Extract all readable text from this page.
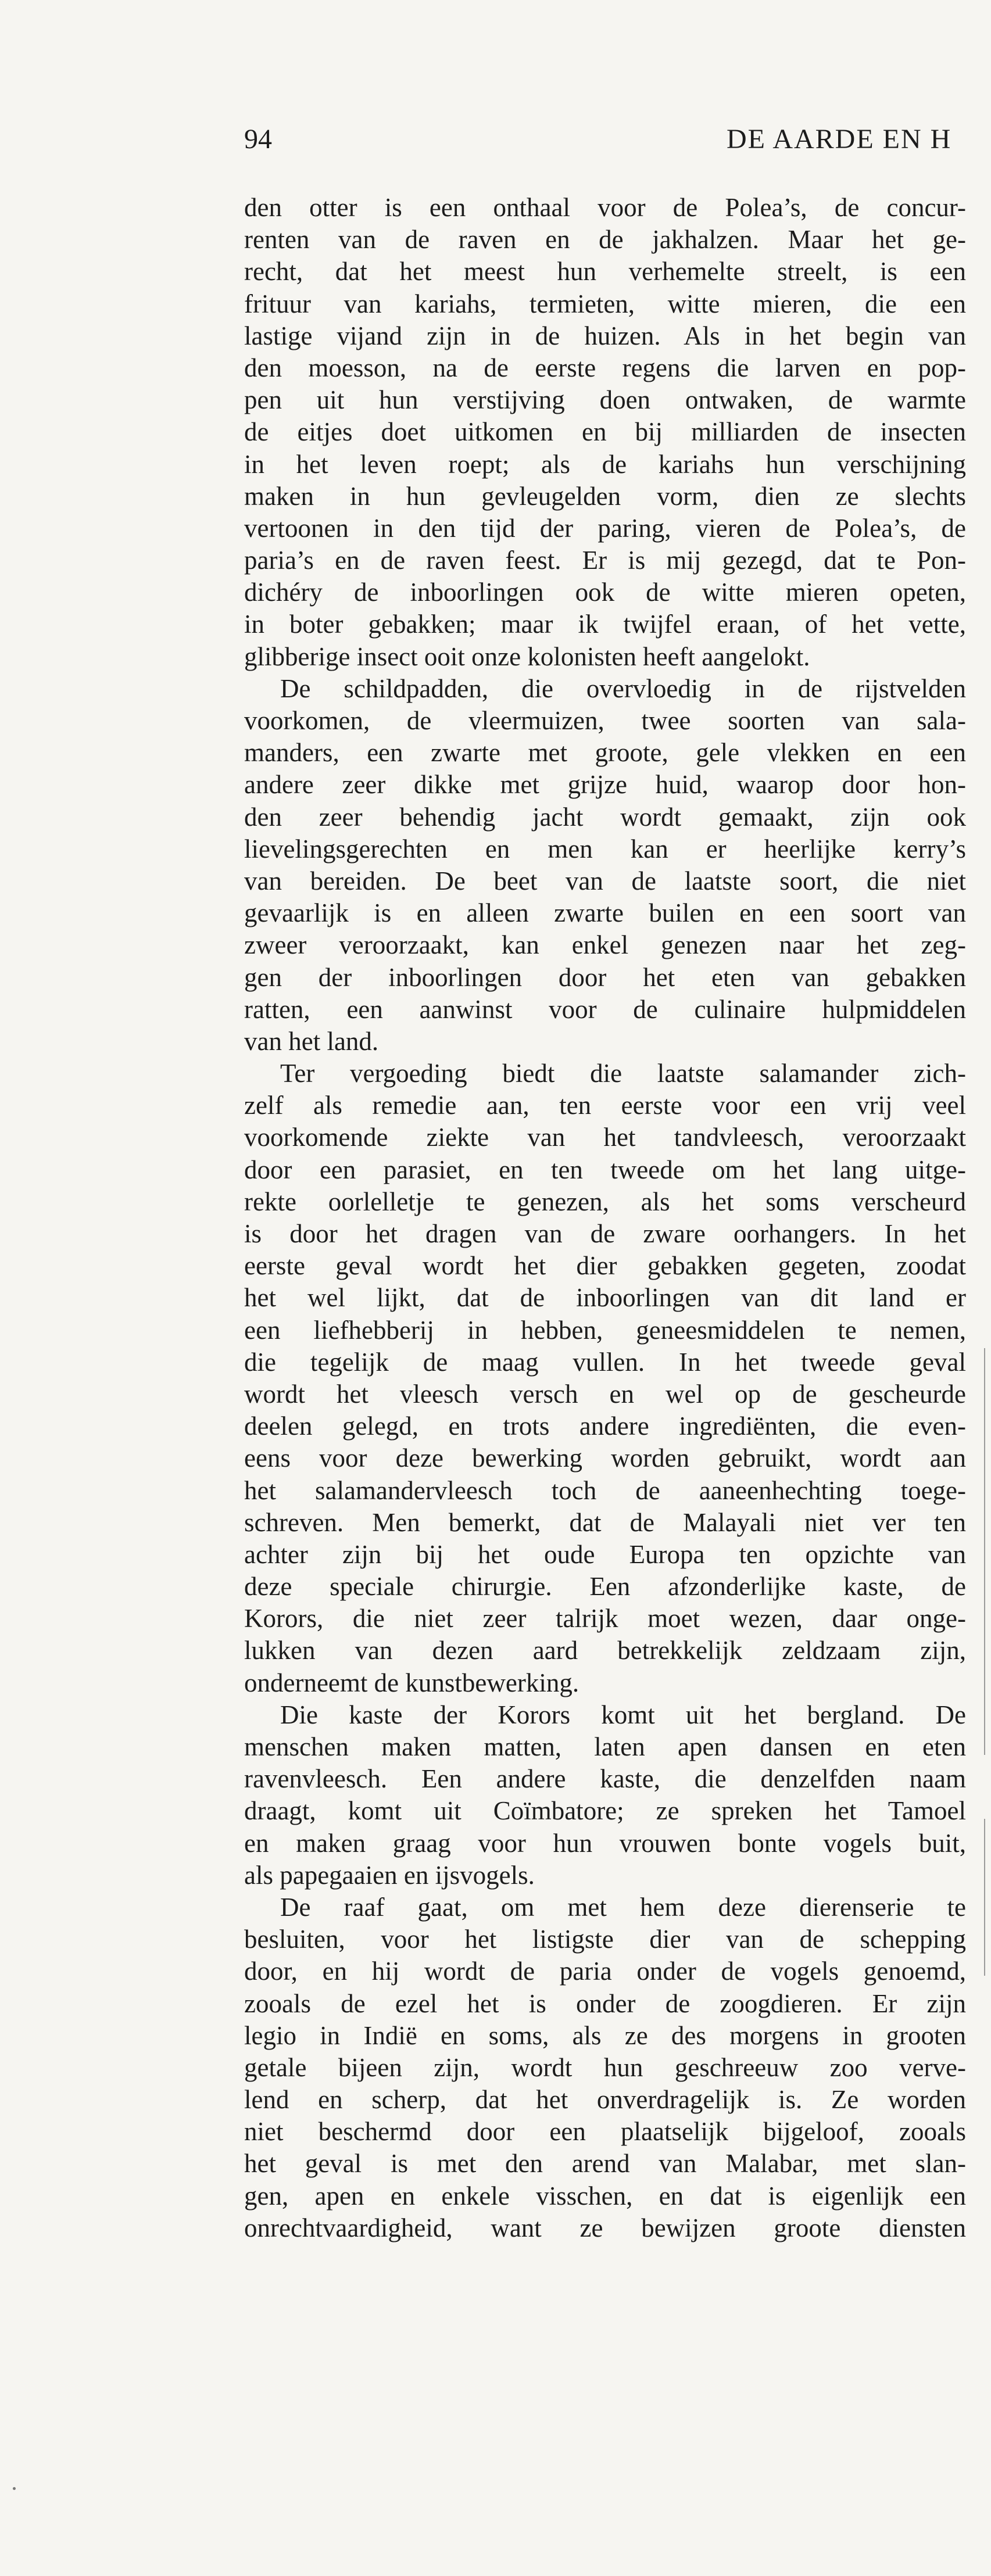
94	DE AARDE EN H
den otter is een onthaal voor de Polea’s, de concur-
renten van de raven en de jakhalzen. Maar het ge-
recht, dat het meest hun verhemelte streelt, is een
frituur van kariahs, termieten, witte mieren, die een
lastige vijand zijn in de huizen. Als in het begin van
den moesson, na de eerste regens die larven en pop-
pen uit hun verstijving doen ontwaken, de warmte
de eitjes doet uitkomen en bij milliarden de insecten
in het leven roept; als de kariahs hun verschijning
maken in hun gevleugelden vorm, dien ze slechts
vertoonen in den tijd der paring, vieren de Polea’s, de
paria’s en de raven feest. Er is mij gezegd, dat te Pon-
dichéry de inboorlingen ook de witte mieren opeten,
in boter gebakken; maar ik twijfel eraan, of het vette,
glibberige insect ooit onze kolonisten heeft aangelokt.
De schildpadden, die overvloedig in de rijstvelden
voorkomen, de vleermuizen, twee soorten van sala-
manders, een zwarte met groote, gele vlekken en een
andere zeer dikke met grijze huid, waarop door hon-
den zeer behendig jacht wordt gemaakt, zijn ook
lievelingsgerechten en men kan er heerlijke kerry’s
van bereiden. De beet van de laatste soort, die niet
gevaarlijk is en alleen zwarte builen en een soort van
zweer veroorzaakt, kan enkel genezen naar het zeg-
gen der inboorlingen door het eten van gebakken
ratten, een aanwinst voor de culinaire hulpmiddelen
van het land.
Ter vergoeding biedt die laatste salamander zich-
zelf als remedie aan, ten eerste voor een vrij veel
voorkomende ziekte van het tandvleesch, veroorzaakt
door een parasiet, en ten tweede om het lang uitge-
rekte oorlelletje te genezen, als het soms verscheurd
is door het dragen van de zware oorhangers. In het
eerste geval wordt het dier gebakken gegeten, zoodat
het wel lijkt, dat de inboorlingen van dit land er
een liefhebberij in hebben, geneesmiddelen te nemen,
die tegelijk de maag vullen. In het tweede geval
wordt het vleesch versch en wel op de gescheurde
deelen gelegd, en trots andere ingrediënten, die even-
eens voor deze bewerking worden gebruikt, wordt aan
het salamandervleesch toch de aaneenhechting toege-
schreven. Men bemerkt, dat de Malayali niet ver ten
achter zijn bij het oude Europa ten opzichte van
deze speciale chirurgie. Een afzonderlijke kaste, de
Korors, die niet zeer talrijk moet wezen, daar onge-
lukken van dezen aard betrekkelijk zeldzaam zijn,
onderneemt de kunstbewerking.
Die kaste der Korors komt uit het bergland. De
menschen maken matten, laten apen dansen en eten
ravenvleesch. Een andere kaste, die denzelfden naam
draagt, komt uit Coïmbatore; ze spreken het Tamoel
en maken graag voor hun vrouwen bonte vogels buit,
als papegaaien en ijsvogels.
De raaf gaat, om met hem deze dierenserie te
besluiten, voor het listigste dier van de schepping
door, en hij wordt de paria onder de vogels genoemd,
zooals de ezel het is onder de zoogdieren. Er zijn
legio in Indië en soms, als ze des morgens in grooten
getale bijeen zijn, wordt hun geschreeuw zoo verve-
lend en scherp, dat het onverdragelijk is. Ze worden
niet beschermd door een plaatselijk bijgeloof, zooals
het geval is met den arend van Malabar, met slan-
gen, apen en enkele visschen, en dat is eigenlijk een
onrechtvaardigheid, want ze bewijzen groote diensten
